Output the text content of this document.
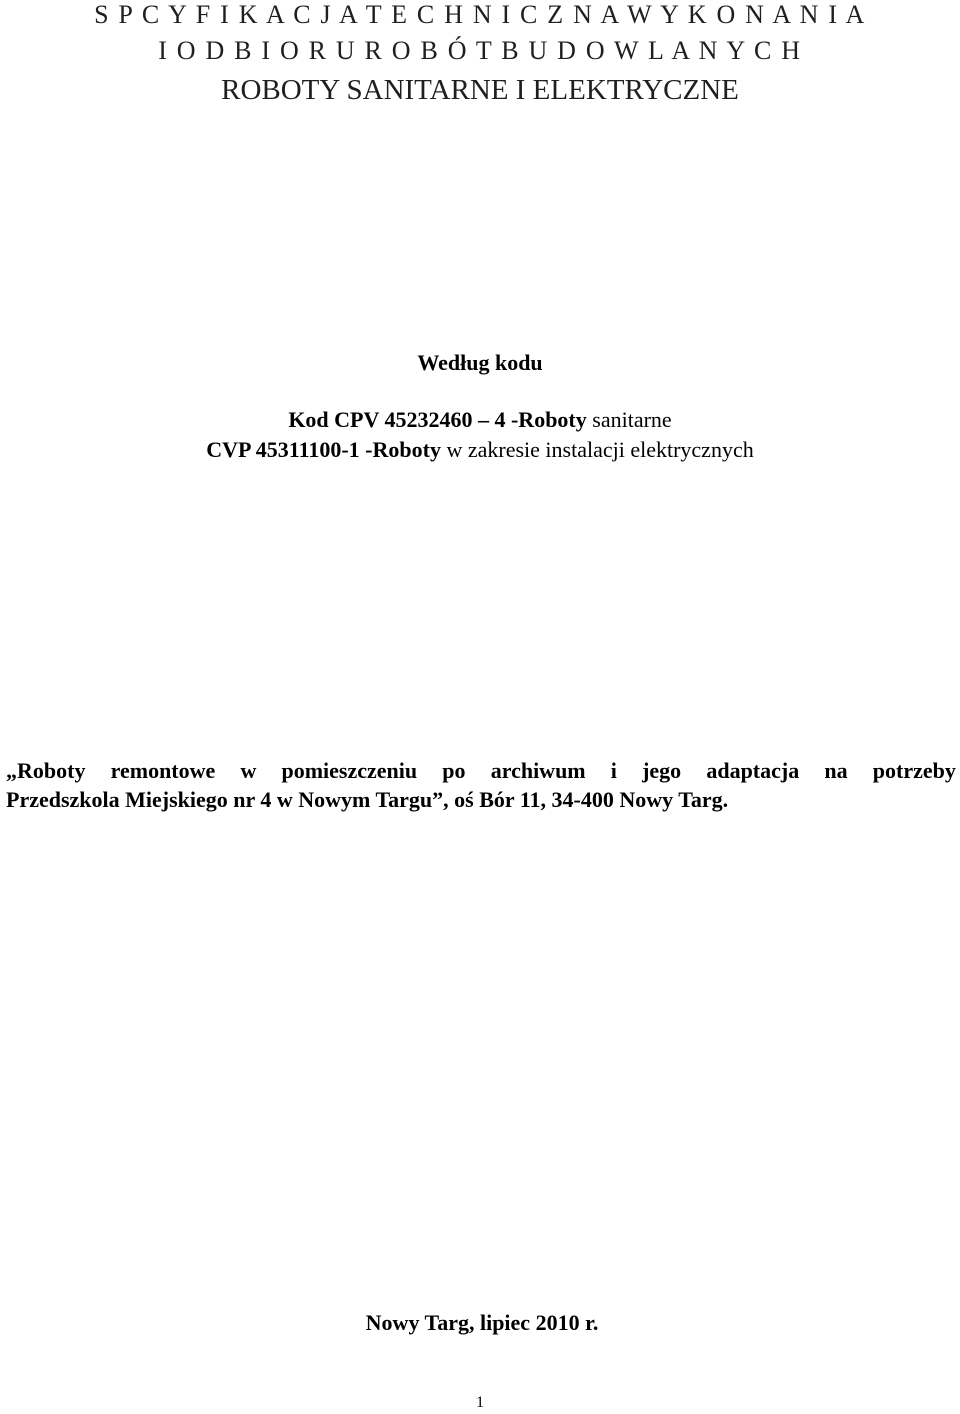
S P C Y F I K A C J A T E C H N I C Z N A W Y K O N A N I A
I O D B I O R U R O B Ó T B U D O W L A N Y C H
ROBOTY SANITARNE I ELEKTRYCZNE
Według kodu
Kod CPV 45232460 – 4 -Roboty sanitarne
CVP 45311100-1 -Roboty w zakresie instalacji elektrycznych
„Roboty remontowe w pomieszczeniu po archiwum i jego adaptacja na potrzeby
Przedszkola Miejskiego nr 4 w Nowym Targu”, oś Bór 11, 34-400 Nowy Targ.
Nowy Targ, lipiec 2010 r.
1
